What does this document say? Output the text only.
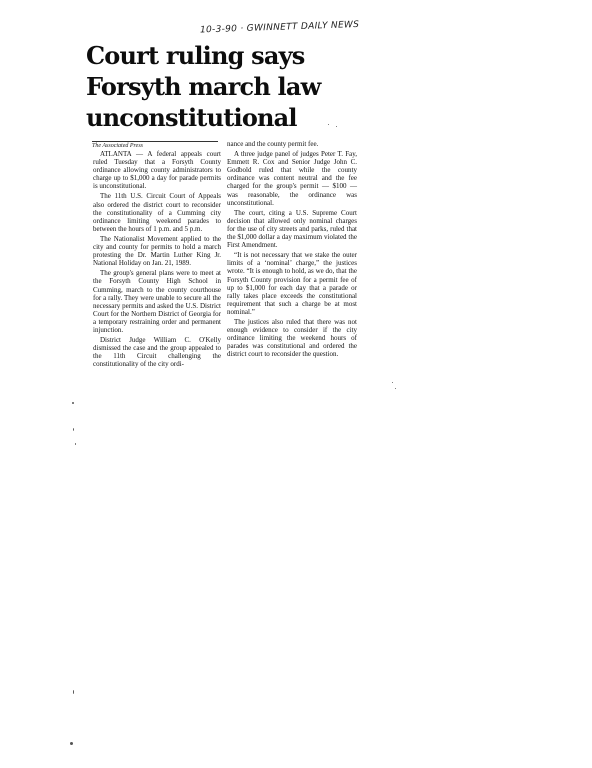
10-3-90 · GWINNETT DAILY NEWS
Court ruling says
Forsyth march law
unconstitutional
The Associated Press

ATLANTA — A federal appeals court ruled Tuesday that a Forsyth County ordinance allowing county administrators to charge up to $1,000 a day for parade permits is unconstitutional.

The 11th U.S. Circuit Court of Appeals also ordered the district court to reconsider the constitutionality of a Cumming city ordinance limiting weekend parades to between the hours of 1 p.m. and 5 p.m.

The Nationalist Movement applied to the city and county for permits to hold a march protesting the Dr. Martin Luther King Jr. National Holiday on Jan. 21, 1989.

The group's general plans were to meet at the Forsyth County High School in Cumming, march to the county courthouse for a rally. They were unable to secure all the necessary permits and asked the U.S. District Court for the Northern District of Georgia for a temporary restraining order and permanent injunction.

District Judge William C. O'Kelly dismissed the case and the group appealed to the 11th Circuit challenging the constitutionality of the city ordi-

nance and the county permit fee.

A three judge panel of judges Peter T. Fay, Emmett R. Cox and Senior Judge John C. Godbold ruled that while the county ordinance was content neutral and the fee charged for the group's permit — $100 — was reasonable, the ordinance was unconstitutional.

The court, citing a U.S. Supreme Court decision that allowed only nominal charges for the use of city streets and parks, ruled that the $1,000 dollar a day maximum violated the First Amendment.

“It is not necessary that we stake the outer limits of a ‘nominal’ charge,” the justices wrote. “It is enough to hold, as we do, that the Forsyth County provision for a permit fee of up to $1,000 for each day that a parade or rally takes place exceeds the constitutional requirement that such a charge be at most nominal.”

The justices also ruled that there was not enough evidence to consider if the city ordinance limiting the weekend hours of parades was constitutional and ordered the district court to reconsider the question.
